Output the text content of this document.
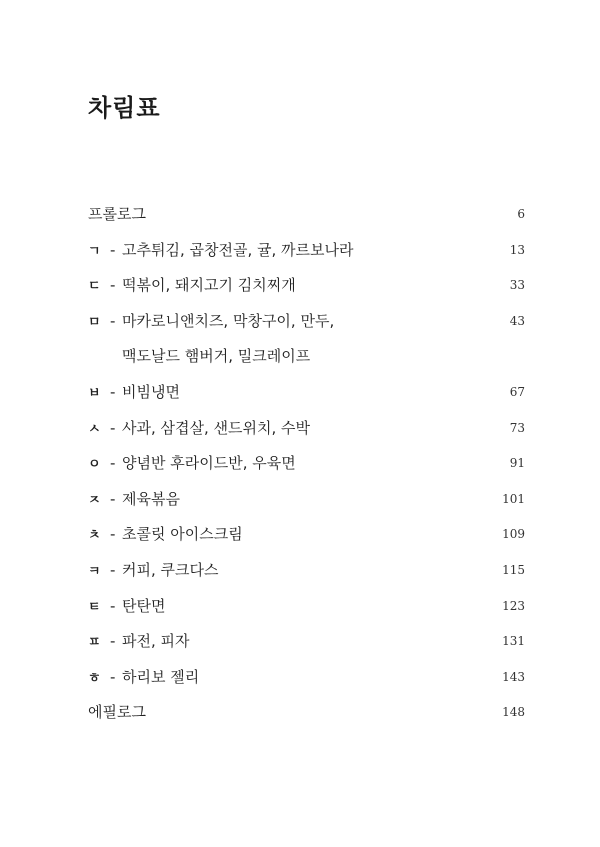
차림표
프롤로그	6
ㄱ - 고추튀김, 곱창전골, 귤, 까르보나라	13
ㄷ - 떡볶이, 돼지고기 김치찌개	33
ㅁ - 마카로니앤치즈, 막창구이, 만두,	43
맥도날드 햄버거, 밀크레이프
ㅂ - 비빔냉면	67
ㅅ - 사과, 삼겹살, 샌드위치, 수박	73
ㅇ - 양념반 후라이드반, 우육면	91
ㅈ - 제육볶음	101
ㅊ - 초콜릿 아이스크림	109
ㅋ - 커피, 쿠크다스	115
ㅌ - 탄탄면	123
ㅍ - 파전, 피자	131
ㅎ - 하리보 젤리	143
에필로그	148
